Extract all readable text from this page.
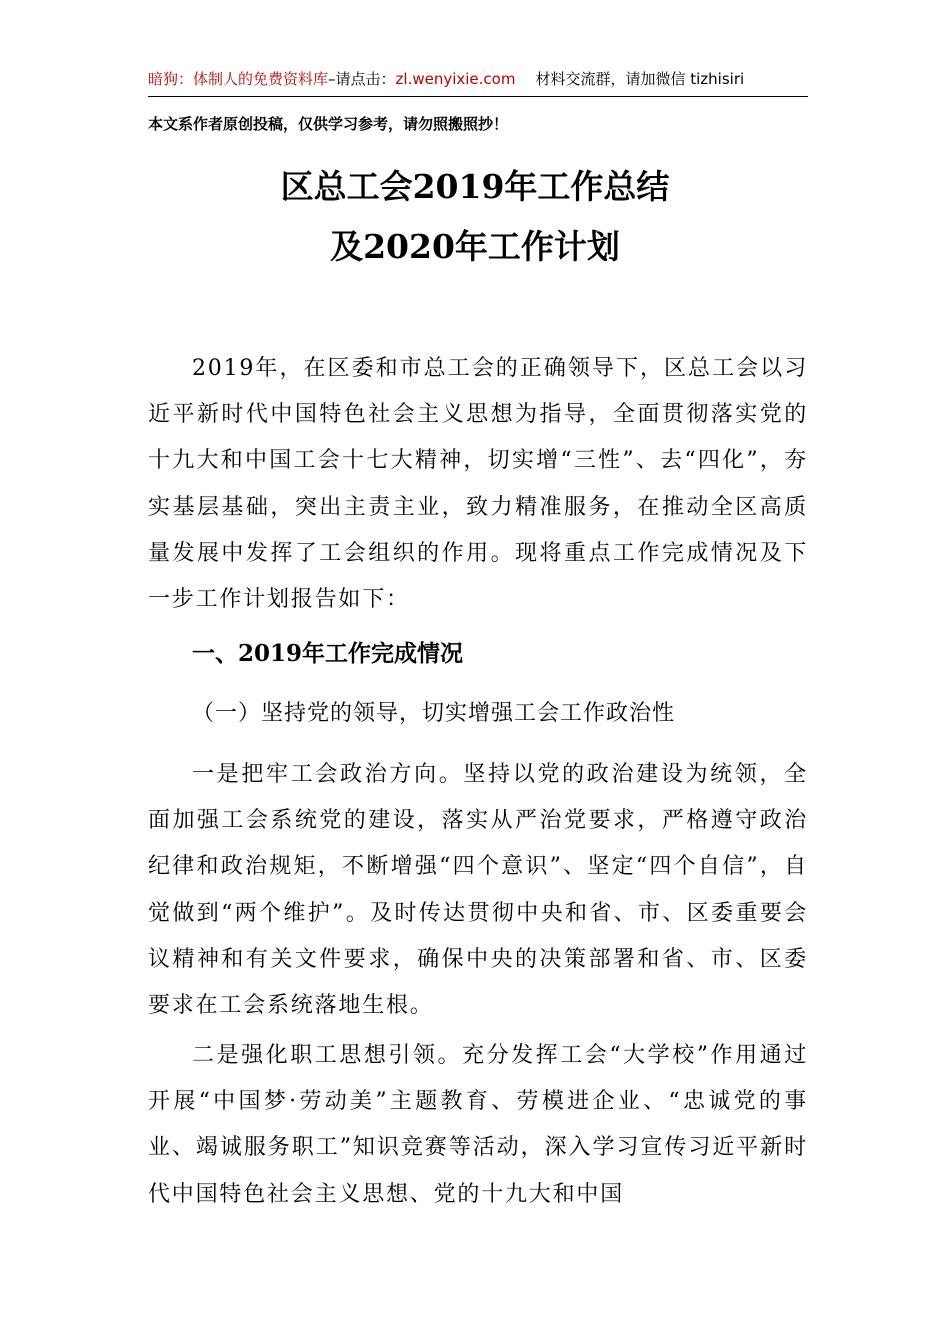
暗狗：体制人的免费资料库–请点击：zl.wenyixie.com 材料交流群，请加微信 tizhisiri
本文系作者原创投稿，仅供学习参考，请勿照搬照抄！
区总工会2019年工作总结
及2020年工作计划
2019年，在区委和市总工会的正确领导下，区总工会以习近平新时代中国特色社会主义思想为指导，全面贯彻落实党的十九大和中国工会十七大精神，切实增“三性”、去“四化”，夯实基层基础，突出主责主业，致力精准服务，在推动全区高质量发展中发挥了工会组织的作用。现将重点工作完成情况及下一步工作计划报告如下：
一、2019年工作完成情况
（一）坚持党的领导，切实增强工会工作政治性
一是把牢工会政治方向。坚持以党的政治建设为统领，全面加强工会系统党的建设，落实从严治党要求，严格遵守政治纪律和政治规矩，不断增强“四个意识”、坚定“四个自信”，自觉做到“两个维护”。及时传达贯彻中央和省、市、区委重要会议精神和有关文件要求，确保中央的决策部署和省、市、区委要求在工会系统落地生根。
二是强化职工思想引领。充分发挥工会“大学校”作用通过开展“中国梦·劳动美”主题教育、劳模进企业、“忠诚党的事业、竭诚服务职工”知识竞赛等活动，深入学习宣传习近平新时代中国特色社会主义思想、党的十九大和中国
